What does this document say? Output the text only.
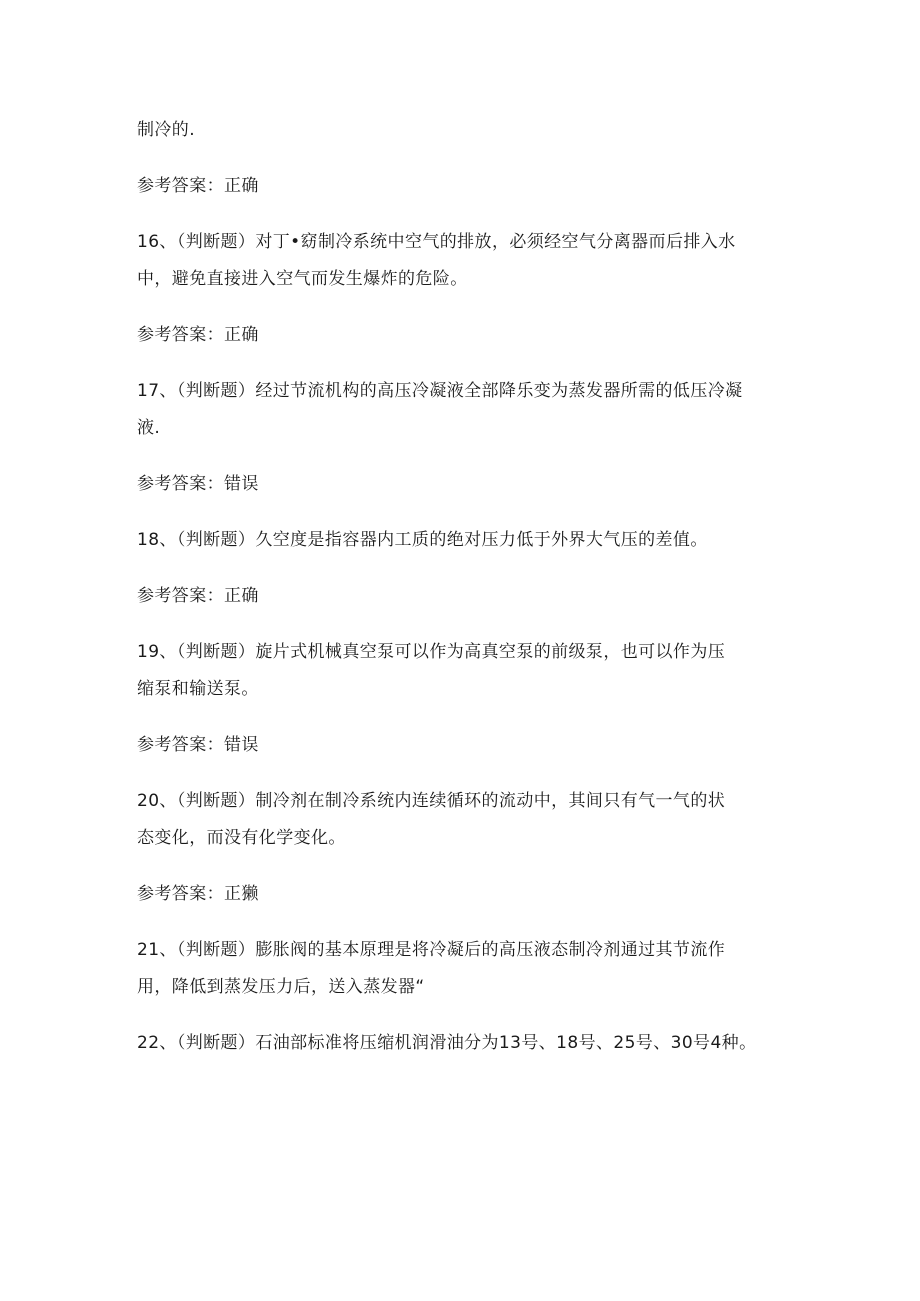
制冷的.
参考答案：正确
16、（判断题）对丁•窈制冷系统中空气的排放，必须经空气分离器而后排入水
中，避免直接进入空气而发生爆炸的危险。
参考答案：正确
17、（判断题）经过节流机构的高压冷凝液全部降乐变为蒸发器所需的低压冷凝
液.
参考答案：错误
18、（判断题）久空度是指容器内工质的绝对压力低于外界大气压的差值。
参考答案：正确
19、（判断题）旋片式机械真空泵可以作为高真空泵的前级泵，也可以作为压
缩泵和输送泵。
参考答案：错误
20、（判断题）制冷剂在制冷系统内连续循环的流动中，其间只有气一气的状
态变化，而没有化学变化。
参考答案：正獭
21、（判断题）膨胀阀的基本原理是将冷凝后的高压液态制冷剂通过其节流作
用，降低到蒸发压力后，送入蒸发器“
22、（判断题）石油部标准将压缩机润滑油分为13号、18号、25号、30号4种。
